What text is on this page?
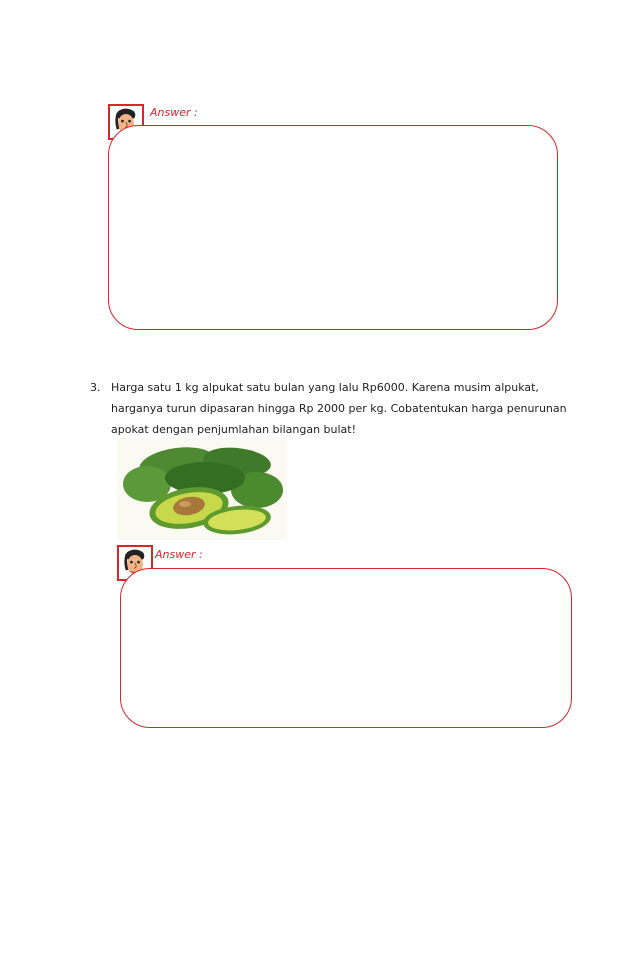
Answer :
3. Harga satu 1 kg alpukat satu bulan yang lalu Rp6000. Karena musim alpukat, harganya turun dipasaran hingga Rp 2000 per kg. Cobatentukan harga penurunan apokat dengan penjumlahan bilangan bulat!
Answer :
